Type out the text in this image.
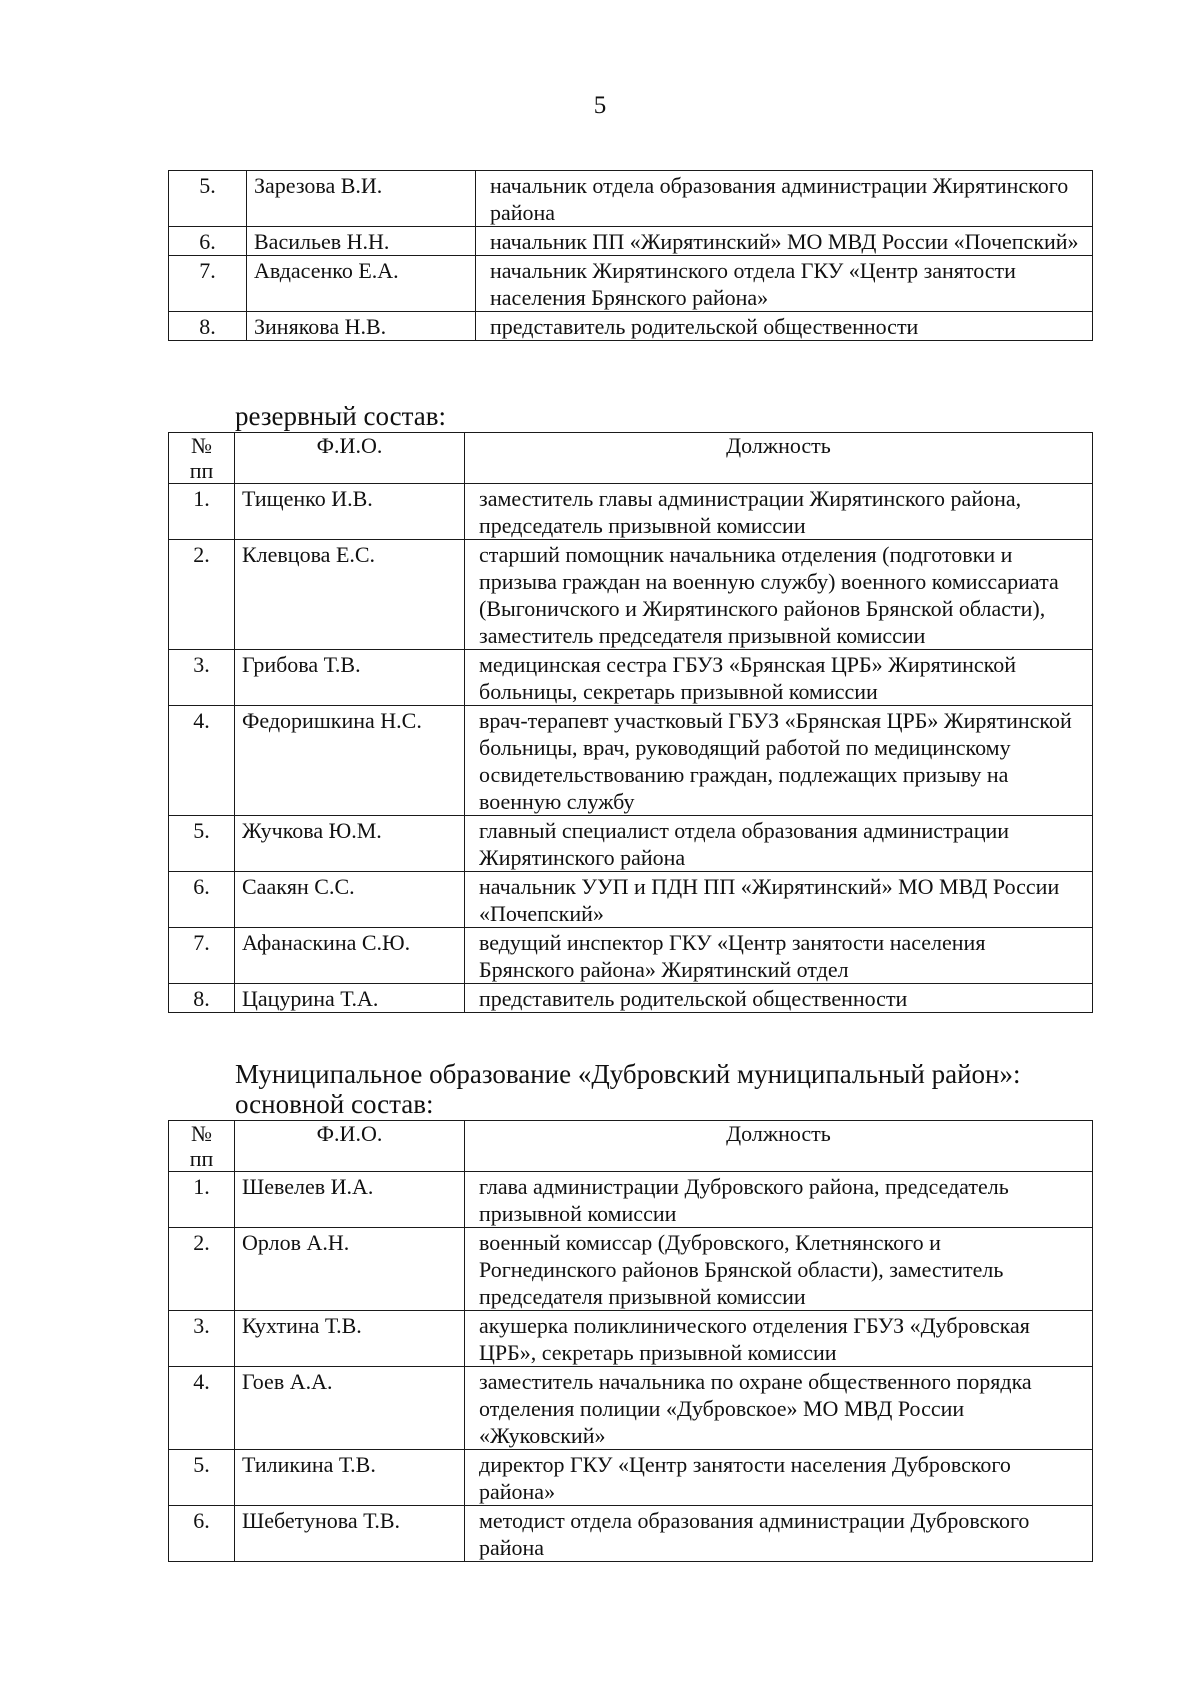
5
5.	Зарезова В.И.	начальник отдела образования администрации Жирятинского района
6.	Васильев Н.Н.	начальник ПП «Жирятинский» МО МВД России «Почепский»
7.	Авдасенко Е.А.	начальник Жирятинского отдела ГКУ «Центр занятости населения Брянского района»
8.	Зинякова Н.В.	представитель родительской общественности
резервный состав:
№ пп	Ф.И.О.	Должность
1.	Тищенко И.В.	заместитель главы администрации Жирятинского района, председатель призывной комиссии
2.	Клевцова Е.С.	старший помощник начальника отделения (подготовки и призыва граждан на военную службу) военного комиссариата (Выгоничского и Жирятинского районов Брянской области), заместитель председателя призывной комиссии
3.	Грибова Т.В.	медицинская сестра ГБУЗ «Брянская ЦРБ» Жирятинской больницы, секретарь призывной комиссии
4.	Федоришкина Н.С.	врач-терапевт участковый ГБУЗ «Брянская ЦРБ» Жирятинской больницы, врач, руководящий работой по медицинскому освидетельствованию граждан, подлежащих призыву на военную службу
5.	Жучкова Ю.М.	главный специалист отдела образования администрации Жирятинского района
6.	Саакян С.С.	начальник УУП и ПДН ПП «Жирятинский» МО МВД России «Почепский»
7.	Афанаскина С.Ю.	ведущий инспектор ГКУ «Центр занятости населения Брянского района» Жирятинский отдел
8.	Цацурина Т.А.	представитель родительской общественности
Муниципальное образование «Дубровский муниципальный район»:
основной состав:
№ пп	Ф.И.О.	Должность
1.	Шевелев И.А.	глава администрации Дубровского района, председатель призывной комиссии
2.	Орлов А.Н.	военный комиссар (Дубровского, Клетнянского и Рогнединского районов Брянской области), заместитель председателя призывной комиссии
3.	Кухтина Т.В.	акушерка поликлинического отделения ГБУЗ «Дубровская ЦРБ», секретарь призывной комиссии
4.	Гоев А.А.	заместитель начальника по охране общественного порядка отделения полиции «Дубровское» МО МВД России «Жуковский»
5.	Тиликина Т.В.	директор ГКУ «Центр занятости населения Дубровского района»
6.	Шебетунова Т.В.	методист отдела образования администрации Дубровского района
